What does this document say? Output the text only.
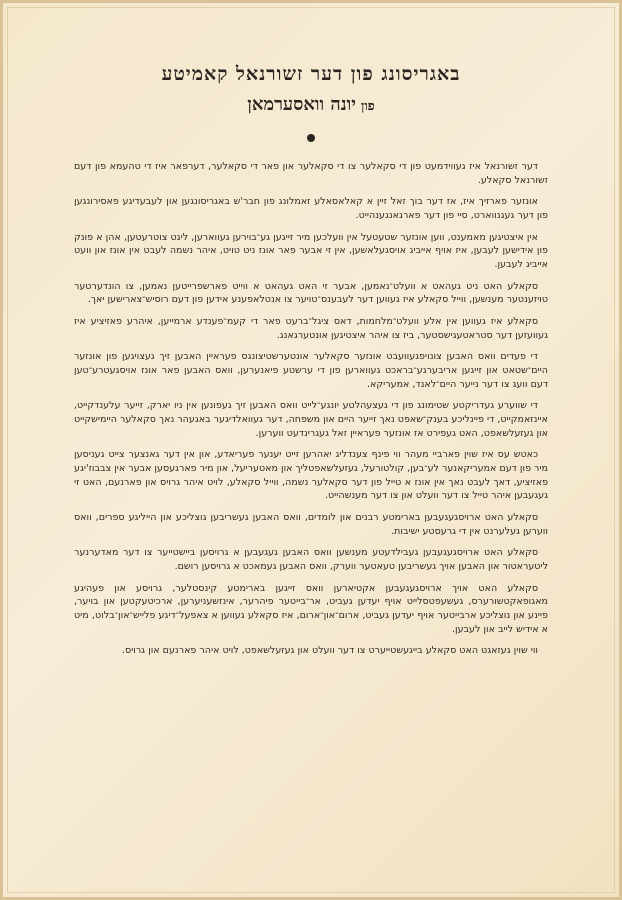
באגריסונג פון דער זשורנאל קאמיטע
פון יונה וואסערמאן

דער זשורנאל איז געווידמעט פון די סקאלער צו די סקאלער און פאר די סקאלער, דערפאר איז די טהעמא פון דעם זשורנאל סקאלע.

אונזער פארזיך איז, אז דער בוך זאל זיין א קאלאסאלע זאמלונג פון חבר'ש באגריסונגען און לעבעדיגע פאסירונגען פון דער געגנווארט, סיי פון דער פארגאנגענהייט.

אין איצטיגען מאמענט, ווען אונזער שטעטעל אין וועלכען מיר זייגען גע־בוירען געווארען, ליגט צוטרעטען, אהן א פונק פון אידישען לעבען, איז אויף אייביג אויסגעלאשען, אין זי אבער פאר אונז ניט טויט, איהר נשמה לעבט אין אונז און וועט אייביג לעבען.

סקאלע האט ניט געהאט א וועלט־נאמען, אבער זי האט געהאט א ווייט פארשפרייטען נאמען, צו הונדערטער טויזענטער מענשען, ווייל סקאלע איז געווען דער לעבענס־טויער צו אנטלאפענע אידען פון דעם רוסיש־צארישען יאך.

סקאלע איז געווען אין אלע וועלט־מלחמות, דאס ציגל־ברעט פאר די קעמ־פענדע ארמייען, איהרע פאזיציע איז געוועזען דער סטראטעגישסטער, ביז צו איהר איצטיגען אונטערגאנג.

די פעדים וואס האבען צונויפגעוועבט אונזער סקאלער אונטערשטיצונגס פעראיין האבען זיך געצויגען פון אונזער היים־שטאט און זייגען אריבערגע־בראכט געווארען פון די ערשטע פיאנערען, וואס האבען פאר אונז אויסגעטרע־טען דעם וועג צו דער נייער היים־לאנד, אמעריקא.

די שווערע געדריקטע שטימונג פון די געצעהלטע יונגע־לייט וואס האבען זיך געפונען אין ניו יארק, זייער עלענדקייט, איינזאמקייט, די פיינליכע בענק־שאפט נאך זייער היים און משפחה, דער געוואלדיגער באגעהר נאך סקאלער היימישקייט און געזעלשאפט, האט געפירט אז אונזער פעראיין זאל געגרינדעט ווערען.

כאטש עס איז שוין פארביי מעהר ווי פינף צענדליג יאהרען זייט יענער פעריאדע, און אין דער גאנצער צייט געניסען מיר פון דעם אמעריקאנער לע־בען, קולטורעל, געזעלשאפטליך און מאטעריעל, און מיר פארגעסען אבער אין צבבוז'יגע פאזיציע, דאך לעבט נאך אין אונז א טייל פון דער סקאלער נשמה, ווייל סקאלע, לויט איהר גרויס און פארנעם, האט זי געגעבען איהר טייל צו דער וועלט און צו דער מענשהייט.

סקאלע האט ארויסגעגעבען בארימטע רבנים און לומדים, וואס האבען געשריבען גוצליכע און הייליגע ספרים, וואס ווערען געלערנט אין די גרעסטע ישיבות.

סקאלע האט ארויסגעגעבען געבילדעטע מענשען וואס האבען געגעבען א גרויסען ביישטייער צו דער מאדערנער ליטעראטור און האבען אויך געשריבען טעאטער ווערק, וואס האבען געמאכט א גרויסען רושם.

סקאלע האט אויך ארויסגעגעבען אקטיארען וואס זייגען בארימטע קינסטלער, גרויסע און פעהיגע מאגופאקטשורערס, געשעפטסלייט אויף יעדען געביט, אר־בייטער פיהרער, אינזשעניערען, ארכיטעקטען און בויער, פיינע און נוצליכע ארבייטער אויף יעדען געביט, ארום־און־ארום, איז סקאלע געווען א צאפעל־דיגע פלייש־און־בלוט, מיט א אידיש לייב און לעבען.

ווי שוין געזאגט האט סקאלע בייגעשטייערט צו דער וועלט און געזעלשאפט, לויט איהר פארנעם און גרויס.
